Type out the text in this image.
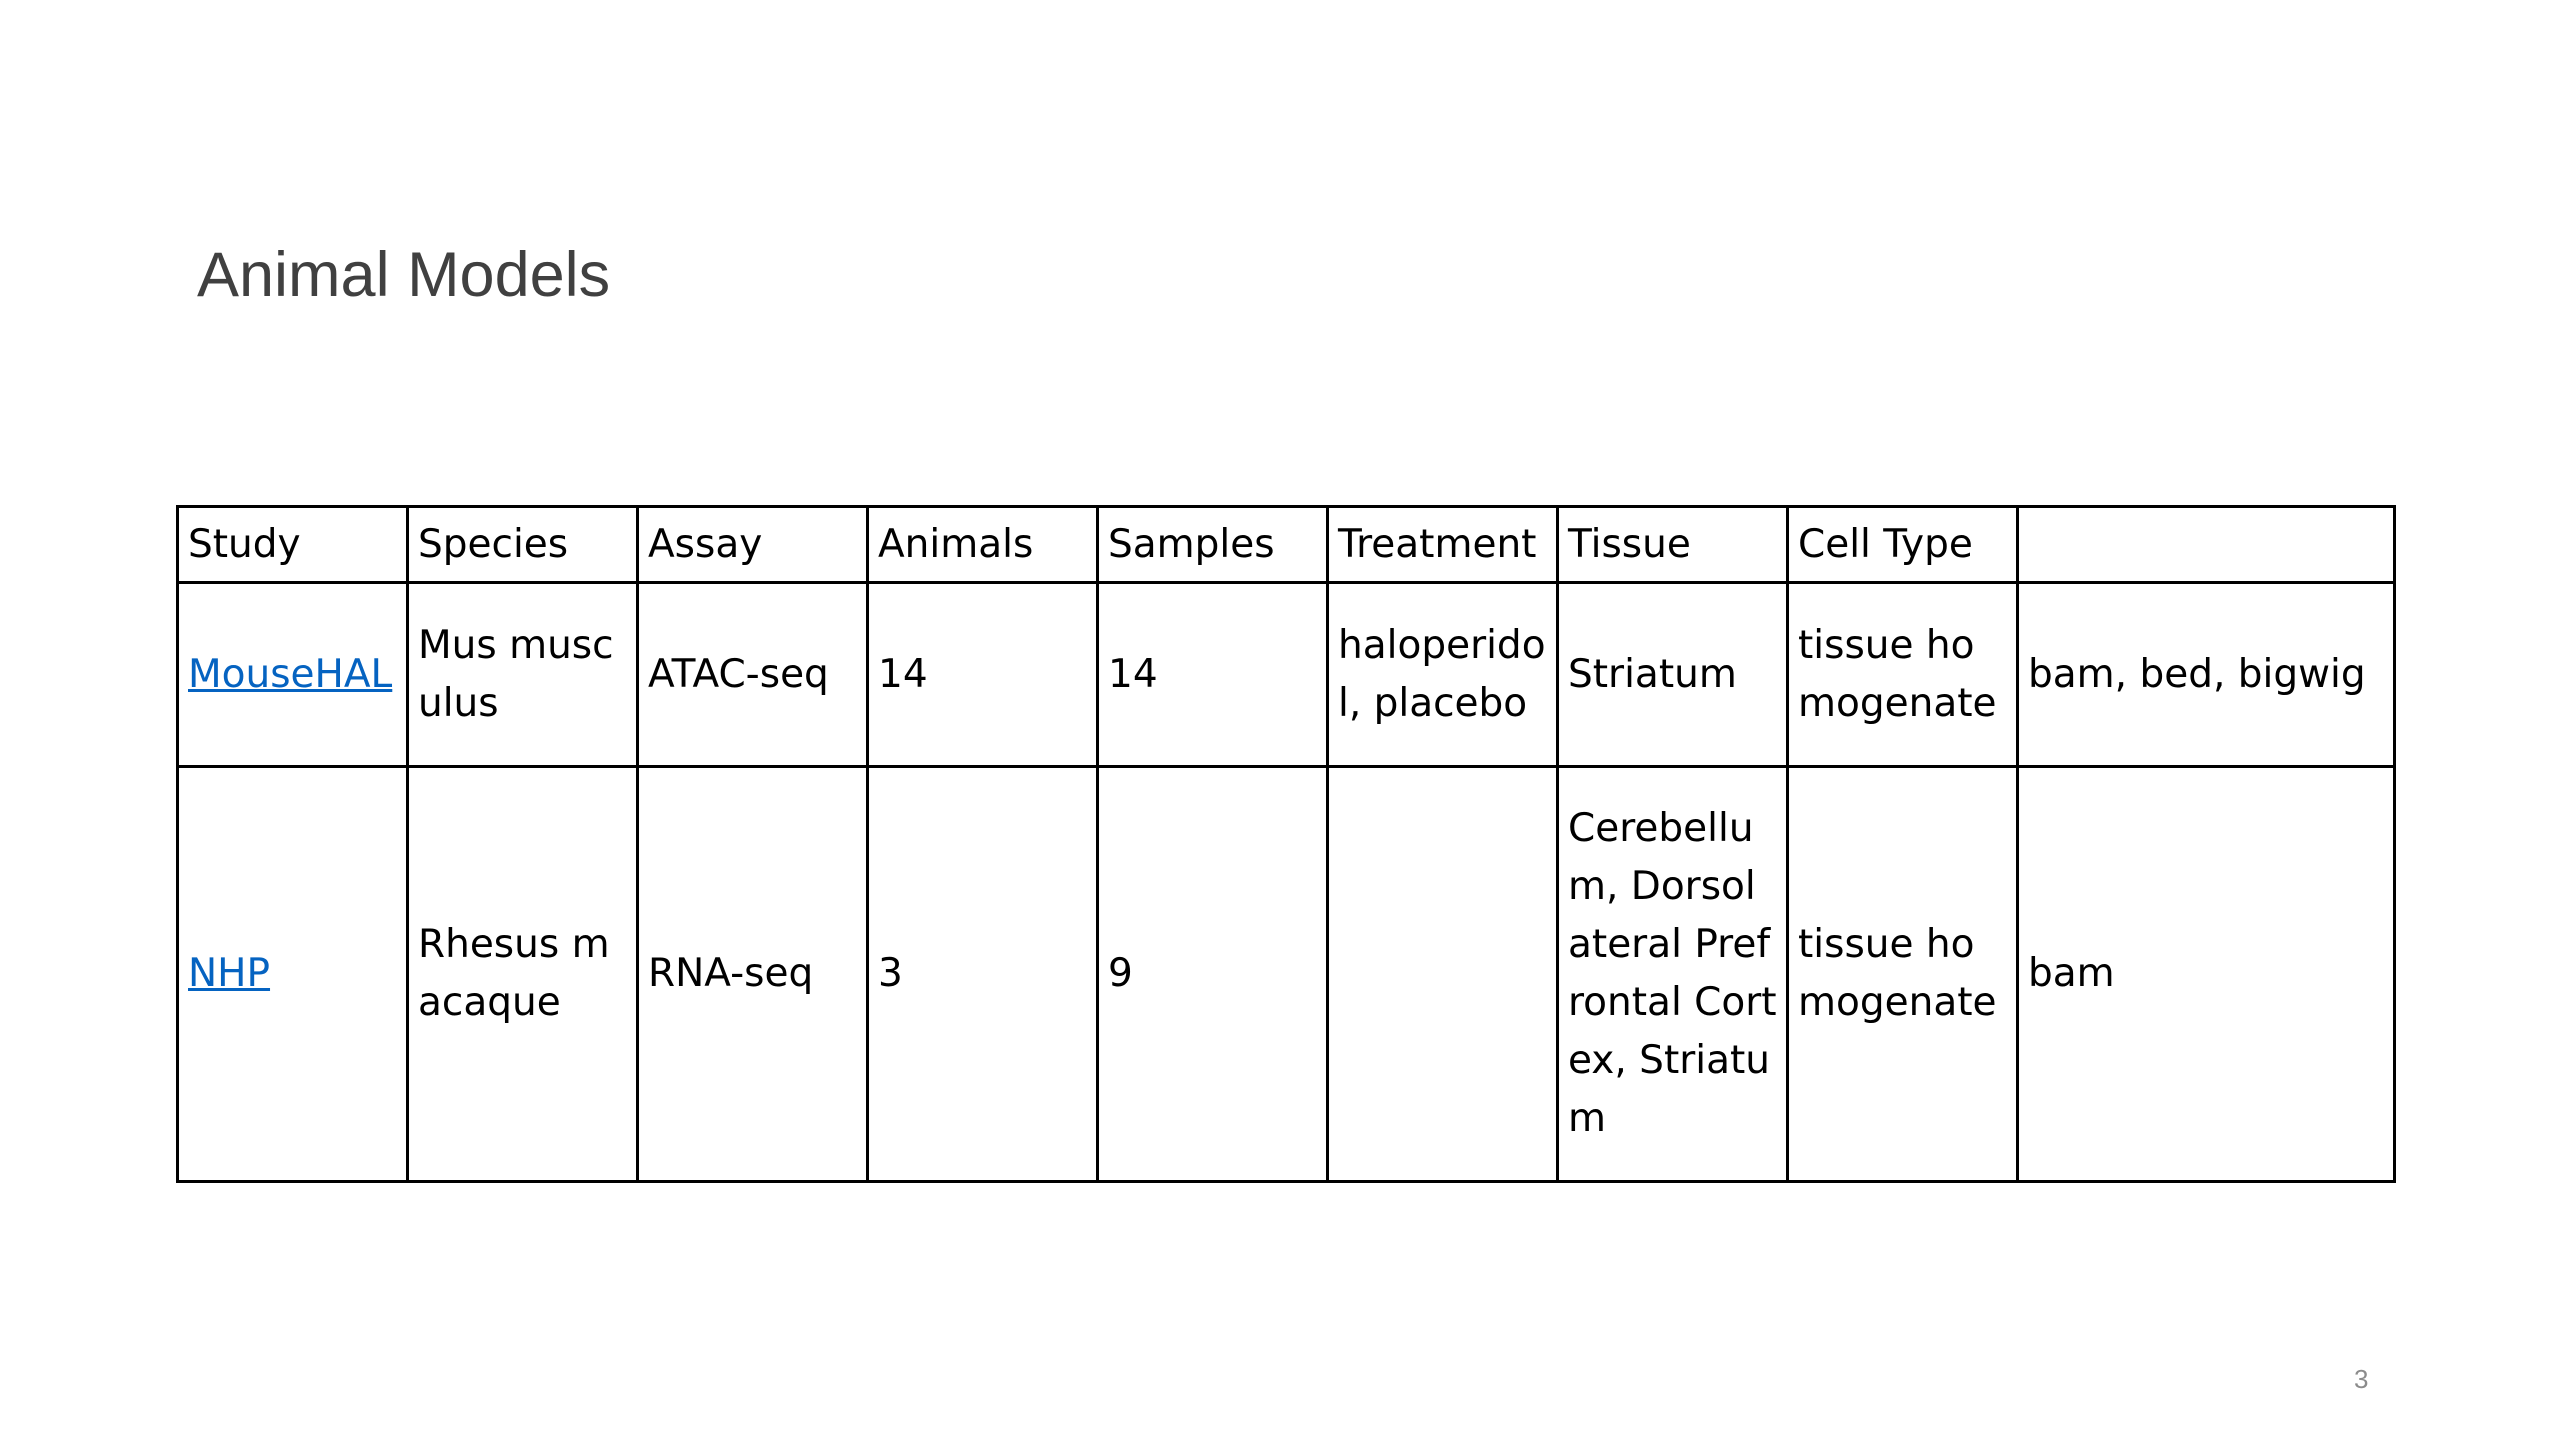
Animal Models
Study	Species	Assay	Animals	Samples	Treatment	Tissue	Cell Type	
MouseHAL	Mus musculus	ATAC-seq	14	14	haloperidol, placebo	Striatum	tissue homogenate	bam, bed, bigwig
NHP	Rhesus macaque	RNA-seq	3	9		Cerebellum, Dorsolateral Prefrontal Cortex, Striatum	tissue homogenate	bam
3
